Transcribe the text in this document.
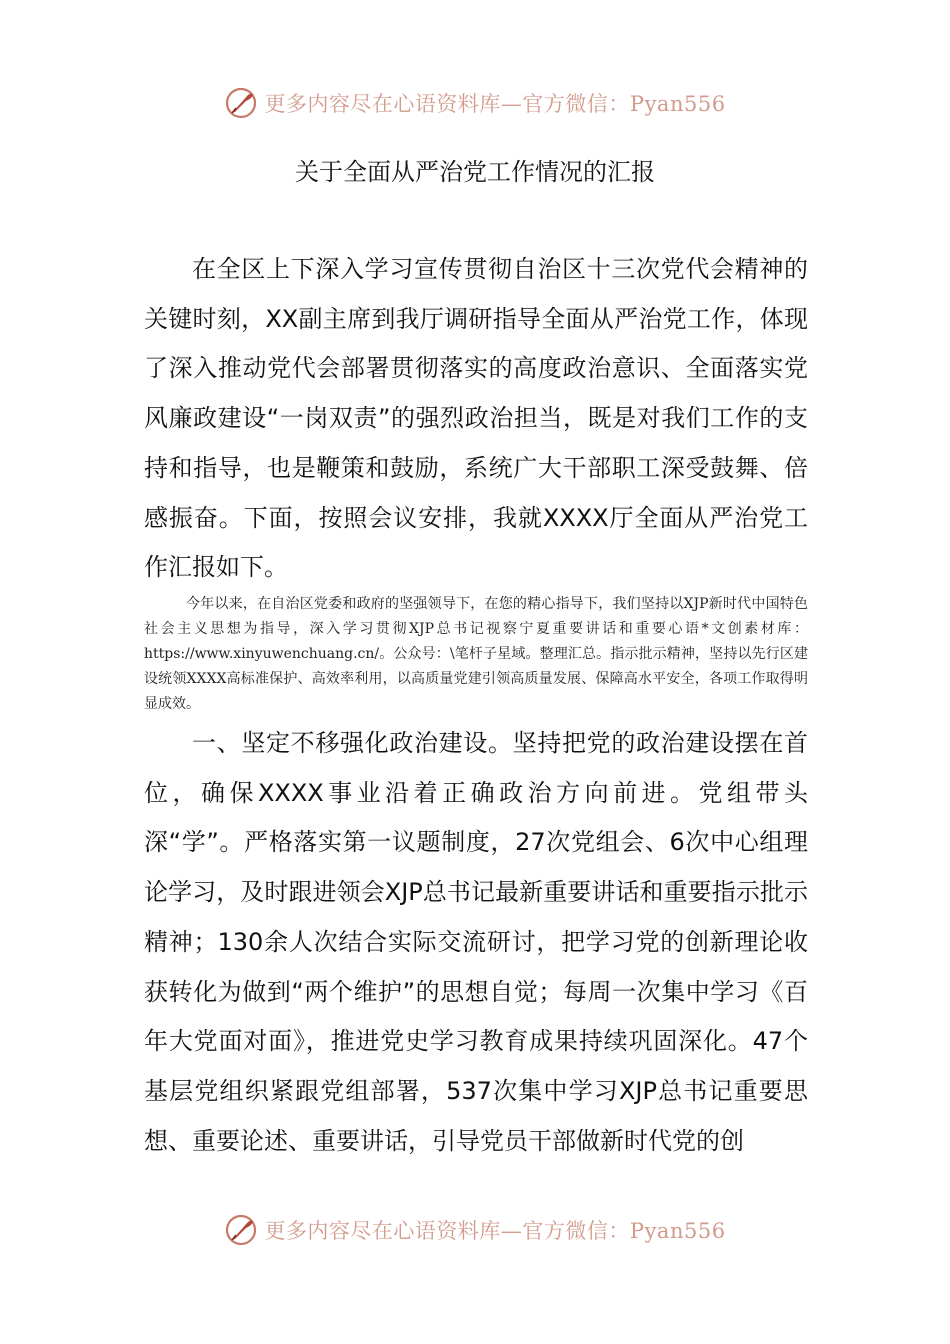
更多内容尽在心语资料库—官方微信：Pyan556
关于全面从严治党工作情况的汇报

在全区上下深入学习宣传贯彻自治区十三次党代会精神的关键时刻，XX副主席到我厅调研指导全面从严治党工作，体现了深入推动党代会部署贯彻落实的高度政治意识、全面落实党风廉政建设“一岗双责”的强烈政治担当，既是对我们工作的支持和指导，也是鞭策和鼓励，系统广大干部职工深受鼓舞、倍感振奋。下面，按照会议安排，我就XXXX厅全面从严治党工作汇报如下。

今年以来，在自治区党委和政府的坚强领导下，在您的精心指导下，我们坚持以XJP新时代中国特色社会主义思想为指导，深入学习贯彻XJP总书记视察宁夏重要讲话和重要心语*文创素材库：https://www.xinyuwenchuang.cn/。公众号：\笔杆子星域。整理汇总。指示批示精神，坚持以先行区建设统领XXXX高标准保护、高效率利用，以高质量党建引领高质量发展、保障高水平安全，各项工作取得明显成效。

一、坚定不移强化政治建设。坚持把党的政治建设摆在首位，确保XXXX事业沿着正确政治方向前进。党组带头深“学”。严格落实第一议题制度，27次党组会、6次中心组理论学习，及时跟进领会XJP总书记最新重要讲话和重要指示批示精神；130余人次结合实际交流研讨，把学习党的创新理论收获转化为做到“两个维护”的思想自觉；每周一次集中学习《百年大党面对面》，推进党史学习教育成果持续巩固深化。47个基层党组织紧跟党组部署，537次集中学习XJP总书记重要思想、重要论述、重要讲话，引导党员干部做新时代党的创

更多内容尽在心语资料库—官方微信：Pyan556
